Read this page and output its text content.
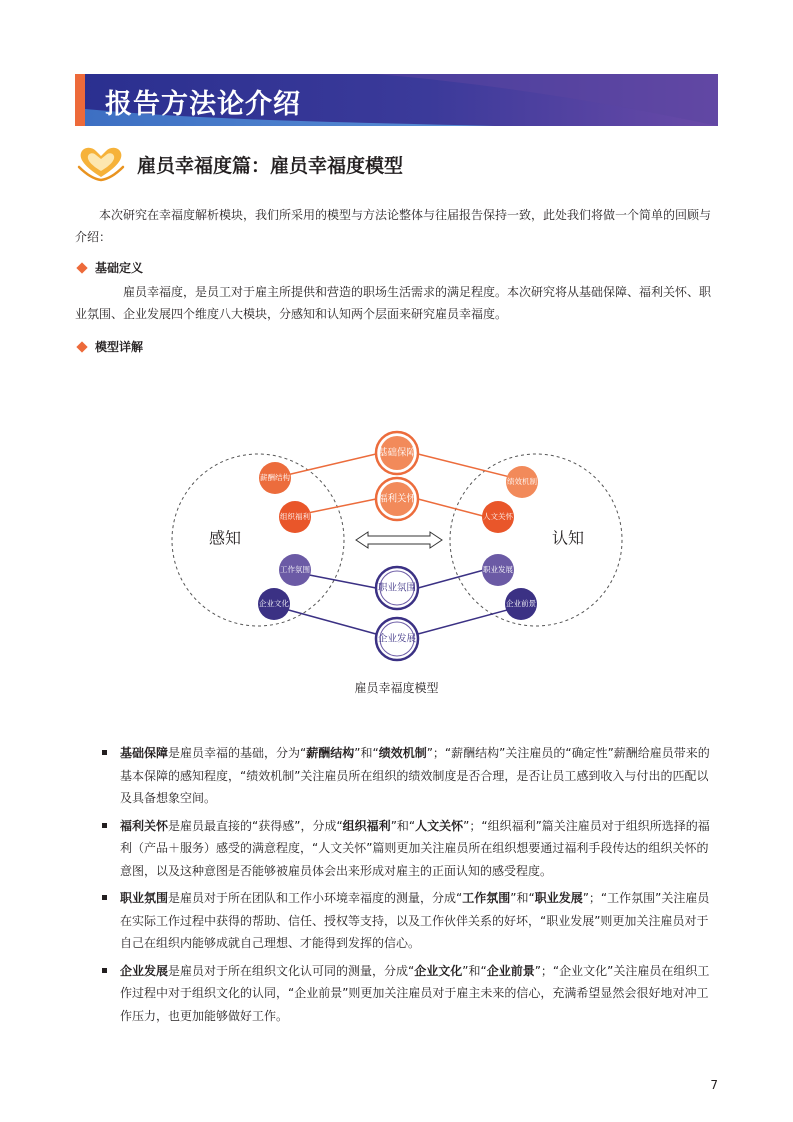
报告方法论介绍
雇员幸福度篇：雇员幸福度模型
本次研究在幸福度解析模块，我们所采用的模型与方法论整体与往届报告保持一致，此处我们将做一个简单的回顾与介绍：
基础定义
雇员幸福度，是员工对于雇主所提供和营造的职场生活需求的满足程度。本次研究将从基础保障、福利关怀、职业氛围、企业发展四个维度八大模块，分感知和认知两个层面来研究雇员幸福度。
模型详解
感知	认知
基础保障
福利关怀
职业氛围
企业发展
薪酬结构
组织福利
工作氛围
企业文化
绩效机制
人文关怀
职业发展
企业前景
雇员幸福度模型
基础保障是雇员幸福的基础，分为“薪酬结构”和“绩效机制”；“薪酬结构”关注雇员的“确定性”薪酬给雇员带来的基本保障的感知程度，“绩效机制”关注雇员所在组织的绩效制度是否合理，是否让员工感到收入与付出的匹配以及具备想象空间。
福利关怀是雇员最直接的“获得感”，分成“组织福利”和“人文关怀”；“组织福利”篇关注雇员对于组织所选择的福利（产品＋服务）感受的满意程度，“人文关怀”篇则更加关注雇员所在组织想要通过福利手段传达的组织关怀的意图，以及这种意图是否能够被雇员体会出来形成对雇主的正面认知的感受程度。
职业氛围是雇员对于所在团队和工作小环境幸福度的测量，分成“工作氛围”和“职业发展”；“工作氛围”关注雇员在实际工作过程中获得的帮助、信任、授权等支持，以及工作伙伴关系的好坏，“职业发展”则更加关注雇员对于自己在组织内能够成就自己理想、才能得到发挥的信心。
企业发展是雇员对于所在组织文化认可同的测量，分成“企业文化”和“企业前景”；“企业文化”关注雇员在组织工作过程中对于组织文化的认同，“企业前景”则更加关注雇员对于雇主未来的信心，充满希望显然会很好地对冲工作压力，也更加能够做好工作。
7
